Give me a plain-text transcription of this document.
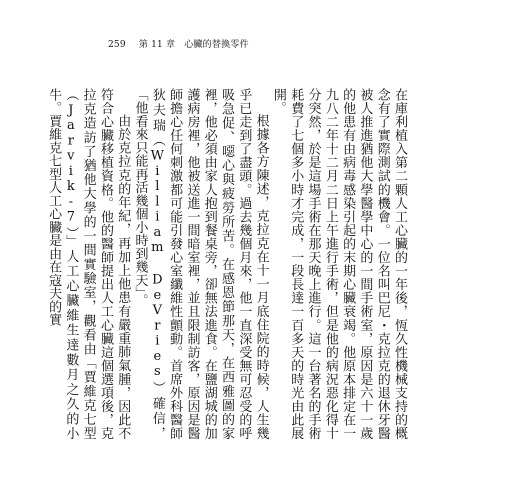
259 第 11 章 心臟的替換零件

在庫利植入第二顆人工心臟的一年後，恆久性機械支持的概念有了實際測試的機會。一位名叫巴尼・克拉克的退休牙醫被人推進猶他大學醫學中心的一間手術室，原因是六十一歲的他患有由病毒感染引起的末期心臟衰竭。他原本排定在一九八二年十二月二日上午進行手術，但是他的病況惡化得十分突然，於是這場手術在那天晚上進行。這一台著名的手術耗費了七個多小時才完成，一段長達一百多天的時光由此展開。

根據各方陳述，克拉克在十一月底住院的時候，人生幾乎已走到了盡頭。過去幾個月來，他一直深受無可忍受的呼吸急促、噁心與疲勞所苦。在感恩節那天，在西雅圖的家裡，他必須由家人抱到餐桌旁，卻無法進食。在鹽湖城的加護病房裡，他被送進一間暗室裡，並且限制訪客，原因是醫師擔心任何刺激都可能引發心室纖維性顫動。首席外科醫師狄夫瑞（William DeVries）確信，「他看來只能再活幾個小時到幾天」。

由於克拉克的年紀，再加上他患有嚴重肺氣腫，因此不符合心臟移植資格。他的醫師提出人工心臟這個選項後，克拉克造訪了猶他大學的一間實驗室，觀看由「賈維克七型（Jarvik-7）」人工心臟維生達數月之久的小牛。賈維克七型人工心臟是由在寇夫的實
